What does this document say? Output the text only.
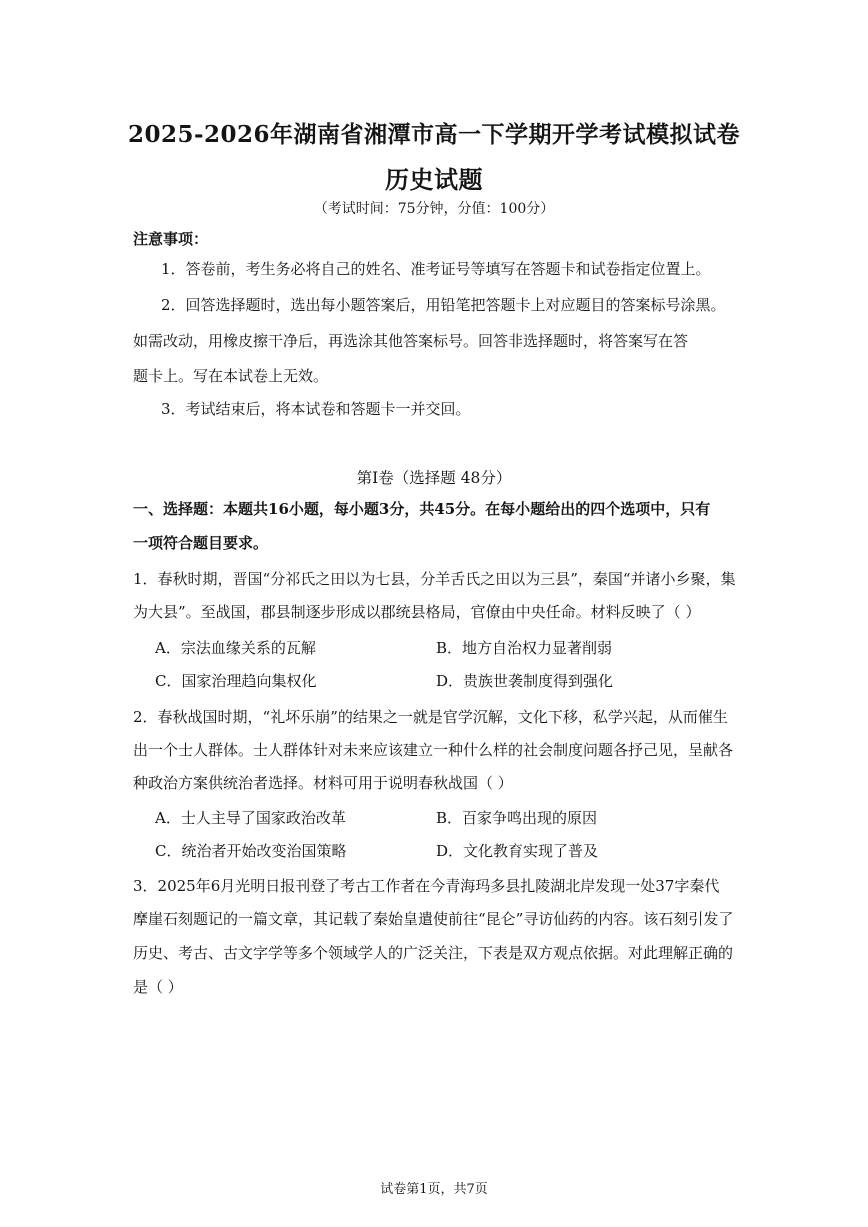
2025-2026年湖南省湘潭市高一下学期开学考试模拟试卷
历史试题
（考试时间：75分钟，分值：100分）
注意事项：
1．答卷前，考生务必将自己的姓名、准考证号等填写在答题卡和试卷指定位置上。
2．回答选择题时，选出每小题答案后，用铅笔把答题卡上对应题目的答案标号涂黑。
如需改动，用橡皮擦干净后，再选涂其他答案标号。回答非选择题时，将答案写在答
题卡上。写在本试卷上无效。
3．考试结束后，将本试卷和答题卡一并交回。
第Ⅰ卷（选择题 48分）
一、选择题：本题共16小题，每小题3分，共45分。在每小题给出的四个选项中，只有
一项符合题目要求。
1．春秋时期，晋国“分祁氏之田以为七县，分羊舌氏之田以为三县”，秦国“并诸小乡聚，集
为大县”。至战国，郡县制逐步形成以郡统县格局，官僚由中央任命。材料反映了（ ）
A．宗法血缘关系的瓦解	B．地方自治权力显著削弱
C．国家治理趋向集权化	D．贵族世袭制度得到强化
2．春秋战国时期，“礼坏乐崩”的结果之一就是官学沉解，文化下移，私学兴起，从而催生
出一个士人群体。士人群体针对未来应该建立一种什么样的社会制度问题各抒己见，呈献各
种政治方案供统治者选择。材料可用于说明春秋战国（ ）
A．士人主导了国家政治改革	B．百家争鸣出现的原因
C．统治者开始改变治国策略	D．文化教育实现了普及
3．2025年6月光明日报刊登了考古工作者在今青海玛多县扎陵湖北岸发现一处37字秦代
摩崖石刻题记的一篇文章，其记载了秦始皇遣使前往“昆仑”寻访仙药的内容。该石刻引发了
历史、考古、古文字学等多个领域学人的广泛关注，下表是双方观点依据。对此理解正确的
是（ ）
试卷第1页，共7页
